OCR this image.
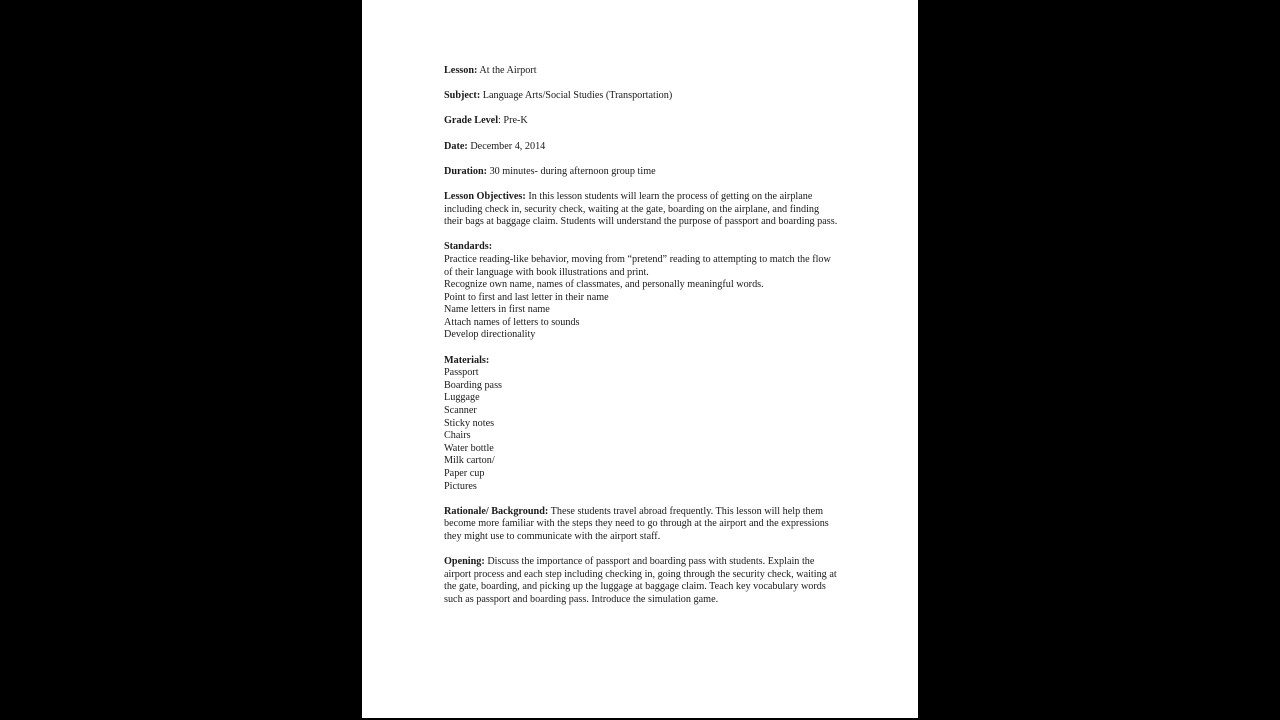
Lesson: At the Airport

Subject: Language Arts/Social Studies (Transportation)

Grade Level: Pre-K

Date: December 4, 2014

Duration: 30 minutes- during afternoon group time

Lesson Objectives: In this lesson students will learn the process of getting on the airplane including check in, security check, waiting at the gate, boarding on the airplane, and finding their bags at baggage claim. Students will understand the purpose of passport and boarding pass.

Standards:
Practice reading-like behavior, moving from “pretend” reading to attempting to match the flow of their language with book illustrations and print.
Recognize own name, names of classmates, and personally meaningful words.
Point to first and last letter in their name
Name letters in first name
Attach names of letters to sounds
Develop directionality
Materials:
Passport
Boarding pass
Luggage
Scanner
Sticky notes
Chairs
Water bottle
Milk carton/
Paper cup
Pictures

Rationale/ Background: These students travel abroad frequently. This lesson will help them become more familiar with the steps they need to go through at the airport and the expressions they might use to communicate with the airport staff.

Opening: Discuss the importance of passport and boarding pass with students. Explain the airport process and each step including checking in, going through the security check, waiting at the gate, boarding, and picking up the luggage at baggage claim. Teach key vocabulary words such as passport and boarding pass. Introduce the simulation game.
